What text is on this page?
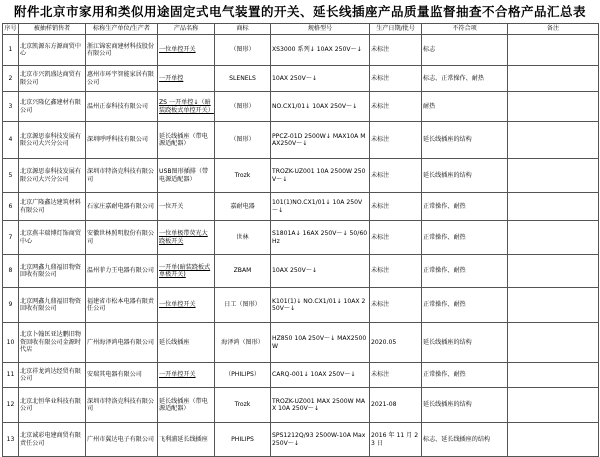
附件北京市家用和类似用途固定式电气装置的开关、延长线插座产品质量监督抽查不合格产品汇总表
序号	被抽样销售者	标称生产单位/生产者	产品名称	商标	规格型号	生产日期/批号	不符合项	备注
1	北京凯源东方源商贸中心	浙江锦宏商建材科技股份有限公司	一位单控开关	（图形）	XS3000 系列↓ 10AX 250V～↓	未标注	标志	
2	北京市兴凯盛达商贸有限公司	惠州市环宇智能家居有限公司	一开单控	SLENELS	10AX 250V～↓	未标注	标志、正常操作、耐热	
3	北京兴隆亿鑫建材有限公司	温州正泰科技有限公司	ZS 一开单控↓（暗装跷板式单控开关）	（图形）	NO.CX1/01↓ 10AX 250V～↓	未标注	耐热	
4	北京源思泰科技发展有限公司大兴分公司	深圳呼呼科技有限公司	延长线插座（带电源适配器）	（图形）	PPCZ-01D 2500W↓ MAX10A MAX250V～↓	未标注	延长线插座的结构	
5	北京源思泰科技发展有限公司大兴分公司	深圳市特洛克科技有限公司	USB图形插排（带电源适配器）	Trozk	TROZK-UZ001 10A 2500W 250V～↓	未标注	延长线插座的结构	
6	北京广隆鑫达建筑材料有限公司	石家庄嘉耐电器有限公司	一位开关	嘉耐电器	101(1)NO.CX1/01↓ 10A 250V～↓	未标注	正常操作、耐热	
7	北京燕丰瑞博灯饰商贸中心	安徽世林照明股份有限公司	一位单极带荧光大跷板开关	世林	S1801A↓ 16AX 250V～↓ 50/60Hz	未标注	正常操作、耐热	
8	北京网鑫九鼎福旧物资回收有限公司	温州菲力王电器有限公司	一开单(暗装跷板式单极开关)	ZBAM	10AX 250V～↓	未标注	正常操作、耐热	
9	北京网鑫九鼎福旧物资回收有限公司	福建省市松本电器有限责任公司	一位单控开关	日工（图形）	K101(1)↓ NO.CX1/01↓ 10AX 250V～↓	未标注	正常操作、耐热	
10	北京卜翰匡亚达鹏旧物资回收有限公司金源时代店	广州海泽鸿电器有限公司	延长线插座	海泽鸿（图形）	HZ850 10A 250V～↓ MAX2500W	2020.05	延长线插座的结构	
11	北京祥龙鸿达经贸有限公司	安瑞其电器有限公司	一开单控开关	（PHILIPS）	CARQ-001↓ 10AX 250V～↓	未标注	正常操作、耐热	
12	北京北恒华业科技有限公司	深圳市特洛克科技有限公司	延长线插座（带电源适配器）	Trozk	TROZK-UZ001 MAX 2500W MAX 10A 250V～↓	2021-08	延长线插座的结构	
13	北京诚彩电建商贸有限责任公司	广州市翼达电子有限公司	飞利浦延长线插座	PHILIPS	SPS1212Q/93 2500W-10A Max 250V～↓	2016 年 11 月 23 日	标志、延长线插座的结构	
